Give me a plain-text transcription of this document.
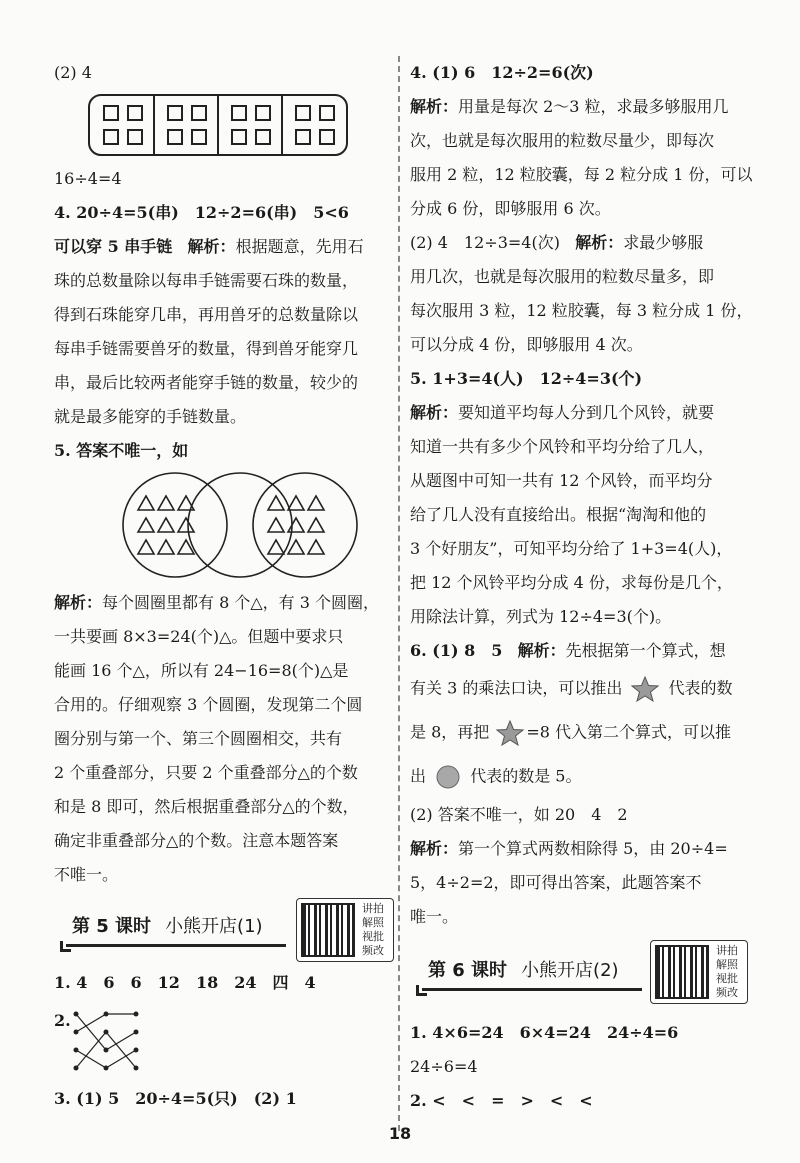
(2) 4
16÷4=4
4. 20÷4=5(串)　12÷2=6(串)　5<6
可以穿 5 串手链 解析：根据题意，先用石
珠的总数量除以每串手链需要石珠的数量，
得到石珠能穿几串，再用兽牙的总数量除以
每串手链需要兽牙的数量，得到兽牙能穿几
串，最后比较两者能穿手链的数量，较少的
就是最多能穿的手链数量。
5. 答案不唯一，如
解析：每个圆圈里都有 8 个△，有 3 个圆圈，
一共要画 8×3=24(个)△。但题中要求只
能画 16 个△，所以有 24−16=8(个)△是
合用的。仔细观察 3 个圆圈，发现第二个圆
圈分别与第一个、第三个圆圈相交，共有
2 个重叠部分，只要 2 个重叠部分△的个数
和是 8 即可，然后根据重叠部分△的个数，
确定非重叠部分△的个数。注意本题答案
不唯一。
第 5 课时 小熊开店(1)
讲拍解照视批频改
1. 4　6　6　12　18　24　四　4
2.
3. (1) 5　20÷4=5(只)　(2) 1
4. (1) 6　12÷2=6(次)
解析：用量是每次 2～3 粒，求最多够服用几
次，也就是每次服用的粒数尽量少，即每次
服用 2 粒，12 粒胶囊，每 2 粒分成 1 份，可以
分成 6 份，即够服用 6 次。
(2) 4　12÷3=4(次) 解析：求最少够服
用几次，也就是每次服用的粒数尽量多，即
每次服用 3 粒，12 粒胶囊，每 3 粒分成 1 份，
可以分成 4 份，即够服用 4 次。
5. 1+3=4(人)　12÷4=3(个)
解析：要知道平均每人分到几个风铃，就要
知道一共有多少个风铃和平均分给了几人，
从题图中可知一共有 12 个风铃，而平均分
给了几人没有直接给出。根据“淘淘和他的
3 个好朋友”，可知平均分给了 1+3=4(人)，
把 12 个风铃平均分成 4 份，求每份是几个，
用除法计算，列式为 12÷4=3(个)。
6. (1) 8　5 解析：先根据第一个算式，想
有关 3 的乘法口诀，可以推出	代表的数
是 8，再把 =8 代入第二个算式，可以推
出	代表的数是 5。
(2) 答案不唯一，如 20　4　2
解析：第一个算式两数相除得 5，由 20÷4=
5，4÷2=2，即可得出答案，此题答案不
唯一。
第 6 课时 小熊开店(2)
讲拍解照视批频改
1. 4×6=24　6×4=24　24÷4=6
24÷6=4
2. <　<　=　>　<　<
18
